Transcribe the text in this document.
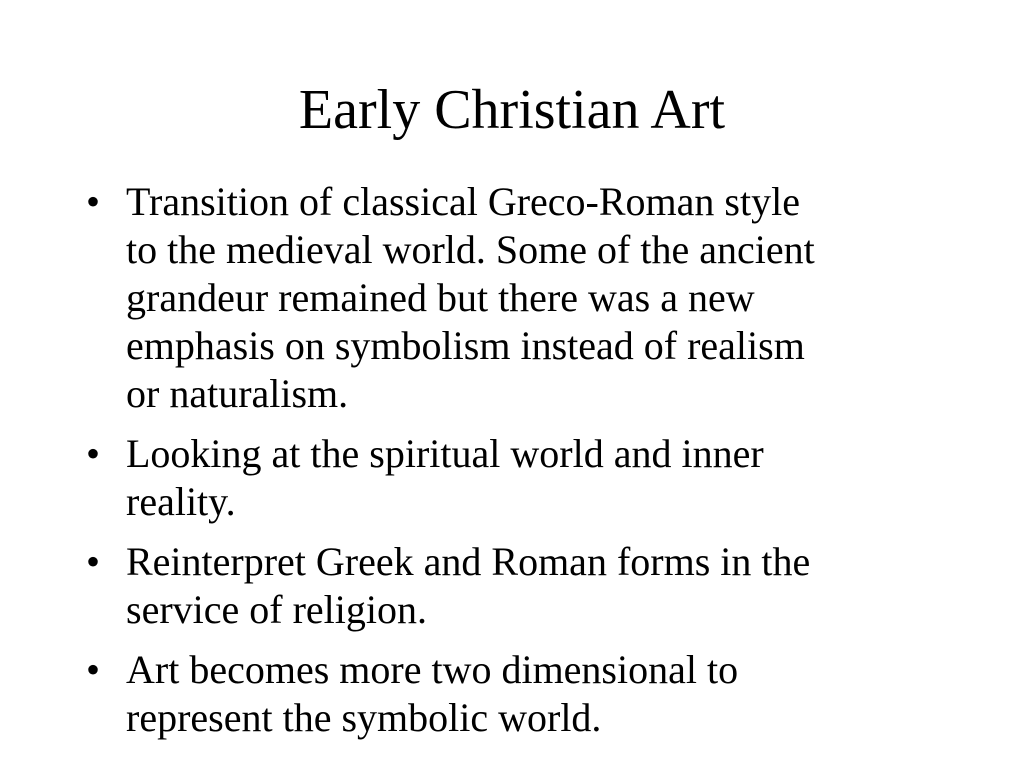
Early Christian Art
• Transition of classical Greco-Roman style
to the medieval world. Some of the ancient
grandeur remained but there was a new
emphasis on symbolism instead of realism
or naturalism.
• Looking at the spiritual world and inner
reality.
• Reinterpret Greek and Roman forms in the
service of religion.
• Art becomes more two dimensional to
represent the symbolic world.
